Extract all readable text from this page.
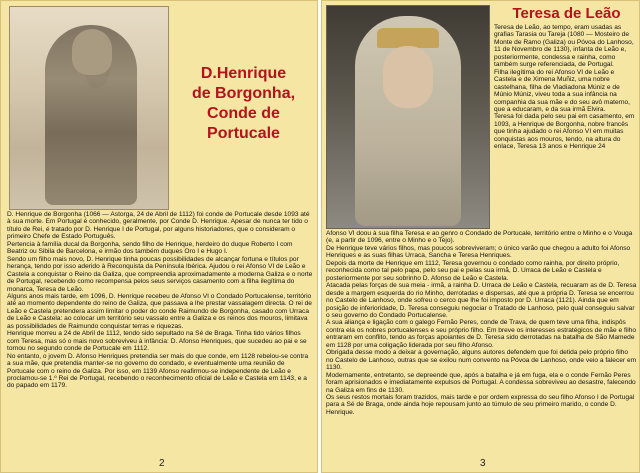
D.Henrique
de Borgonha,
Conde de Portucale

D. Henrique de Borgonha (1066 — Astorga, 24 de Abril de 1112) foi conde de Portucale desde 1093 até à sua morte. Em Portugal é conhecido, geralmente, por Conde D. Henrique. Apesar de nunca ter tido o título de Rei, é tratado por D. Henrique I de Portugal, por alguns historiadores, que o consideram o primeiro Chefe de Estado Português.

Pertencia à família ducal da Borgonha, sendo filho de Henrique, herdeiro do duque Roberto I com Beatriz ou Sibila de Barcelona, e irmão dos também duques Oro I e Hugo I.

Sendo um filho mais novo, D. Henrique tinha poucas possibilidades de alcançar fortuna e títulos por herança, tendo por isso aderido à Reconquista da Península Ibérica. Ajudou o rei Afonso VI de Leão e Castela a conquistar o Reino da Galiza, que compreendia aproximadamente a moderna Galiza e o norte de Portugal, recebendo como recompensa pelos seus serviços casamento com a filha ilegítima do monarca, Teresa de Leão.

Alguns anos mais tarde, em 1096, D. Henrique recebeu de Afonso VI o Condado Portucalense, território até ao momento dependente do reino de Galiza, que passava a lhe prestar vassalagem directa. O rei de Leão e Castela pretendera assim limitar o poder do conde Raimundo de Borgonha, casado com Urraca de Leão e Castela: ao colocar um território seu vassalo entre a Galiza e os reinos dos mouros, limitava as possibilidades de Raimundo conquistar terras e riquezas.

Henrique morreu a 24 de Abril de 1112, tendo sido sepultado na Sé de Braga. Tinha tido vários filhos com Teresa, mas só o mais novo sobreviveu à infância: D. Afonso Henriques, que sucedeu ao pai e se tornou no segundo conde de Portucale em 1112.

No entanto, o jovem D. Afonso Henriques pretendia ser mais do que conde, em 1128 rebelou-se contra a sua mãe, que pretendia manter-se no governo do condado, e eventualmente uma reunião de Portucale com o reino de Galiza. Por isso, em 1139 Afonso reafirmou-se independente de Leão e proclamou-se 1.º Rei de Portugal, recebendo o reconhecimento oficial de Leão e Castela em 1143, e a do papado em 1179.

2
Teresa de Leão

Teresa de Leão, ao tempo, eram usadas as grafias Tarasia ou Tareja (1080 — Mosteiro de Monte de Ramo (Galiza) ou Póvoa do Lanhoso, 11 de Novembro de 1130), infanta de Leão e, posteriormente, condessa e rainha, como também surge referenciada, de Portugal.

Filha ilegítima do rei Afonso VI de Leão e Castela e de Ximena Muñiz, uma nobre castelhana, filha de Vladiadona Múniz e de Múnio Múniz, viveu toda a sua infância na companhia da sua mãe e do seu avô materno, que a educaram, e da sua irmã Elvira.

Teresa foi dada pelo seu pai em casamento, em 1093, a Henrique de Borgonha, nobre francês que tinha ajudado o rei Afonso VI em muitas conquistas aos mouros, tendo, na altura do enlace, Teresa 13 anos e Henrique 24

Afonso VI doou à sua filha Teresa e ao genro o Condado de Portucale, território entre o Minho e o Vouga (e, a partir de 1096, entre o Minho e o Tejo).

De Henrique teve vários filhos, mas poucos sobreviveram; o único varão que chegou a adulto foi Afonso Henriques e as suas filhas Urraca, Sancha e Teresa Henriques.

Depois da morte de Henrique em 1112, Teresa governou o condado como rainha, por direito próprio, reconhecida como tal pelo papa, pelo seu pai e pelas sua irmã, D. Urraca de Leão e Castela e posteriormente por seu sobrinho D. Afonso de Leão e Castela.

Atacada pelas forças de sua meia - irmã, a rainha D. Urraca de Leão e Castela, recuaram as de D. Teresa desde a margem esquerda do rio Minho, derrotadas e dispersas, até que a própria D. Teresa se encerrou no Castelo de Lanhoso, onde sofreu o cerco que lhe foi imposto por D. Urraca (1121). Ainda que em posição de inferioridade, D. Teresa conseguiu negociar o Tratado de Lanhoso, pelo qual conseguiu salvar o seu governo do Condado Portucalense.

A sua aliança e ligação com o galego Fernão Peres, conde de Trava, de quem teve uma filha, indispôs contra ela os nobres portucalenses e seu próprio filho. Em breve os interesses estratégicos de mãe e filho entraram em conflito, tendo as forças apoiantes de D. Teresa sido derrotadas na batalha de São Mamede em 1128 por uma coligação liderada por seu filho Afonso.

Obrigada desse modo a deixar a governação, alguns autores defendem que foi detida pelo próprio filho no Castelo de Lanhoso, outras que se exilou num convento na Póvoa de Lanhoso, onde veio a falecer em 1130.

Modernamente, entretanto, se depreende que, após a batalha e já em fuga, ela e o conde Fernão Peres foram aprisionados e imediatamente expulsos de Portugal. A condessa sobreviveu ao desastre, falecendo na Galiza em fins de 1130.

Os seus restos mortais foram trazidos, mais tarde e por ordem expressa do seu filho Afonso I de Portugal para a Sé de Braga, onde ainda hoje repousam junto ao túmulo de seu primeiro marido, o conde D. Henrique.

3
